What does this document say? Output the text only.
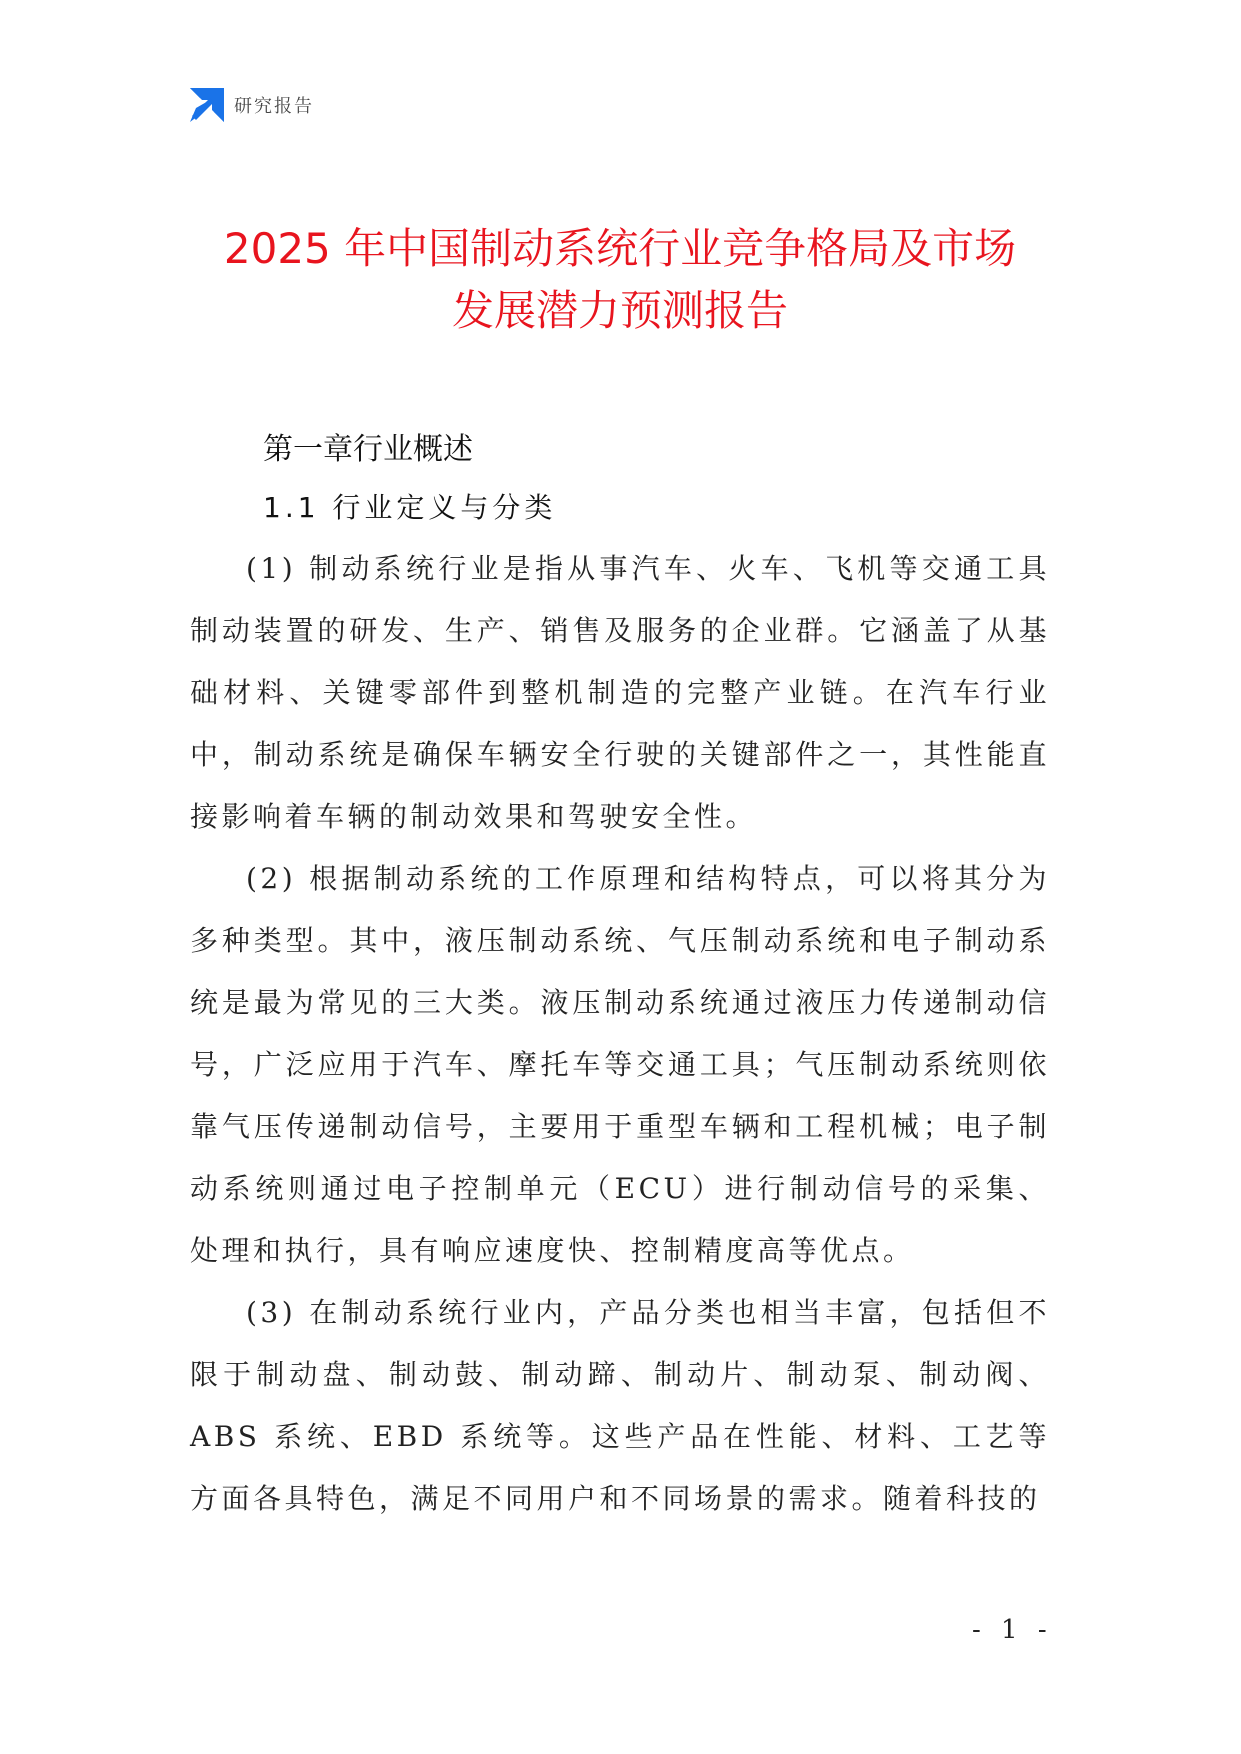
研究报告
2025 年中国制动系统行业竞争格局及市场
发展潜力预测报告
第一章行业概述
1.1 行业定义与分类

(1) 制动系统行业是指从事汽车、火车、飞机等交通工具制动装置的研发、生产、销售及服务的企业群。它涵盖了从基础材料、关键零部件到整机制造的完整产业链。在汽车行业中，制动系统是确保车辆安全行驶的关键部件之一，其性能直接影响着车辆的制动效果和驾驶安全性。

(2) 根据制动系统的工作原理和结构特点，可以将其分为多种类型。其中，液压制动系统、气压制动系统和电子制动系统是最为常见的三大类。液压制动系统通过液压力传递制动信号，广泛应用于汽车、摩托车等交通工具；气压制动系统则依靠气压传递制动信号，主要用于重型车辆和工程机械；电子制动系统则通过电子控制单元（ECU）进行制动信号的采集、处理和执行，具有响应速度快、控制精度高等优点。

(3) 在制动系统行业内，产品分类也相当丰富，包括但不限于制动盘、制动鼓、制动蹄、制动片、制动泵、制动阀、ABS 系统、EBD 系统等。这些产品在性能、材料、工艺等方面各具特色，满足不同用户和不同场景的需求。随着科技的

- 1 -
